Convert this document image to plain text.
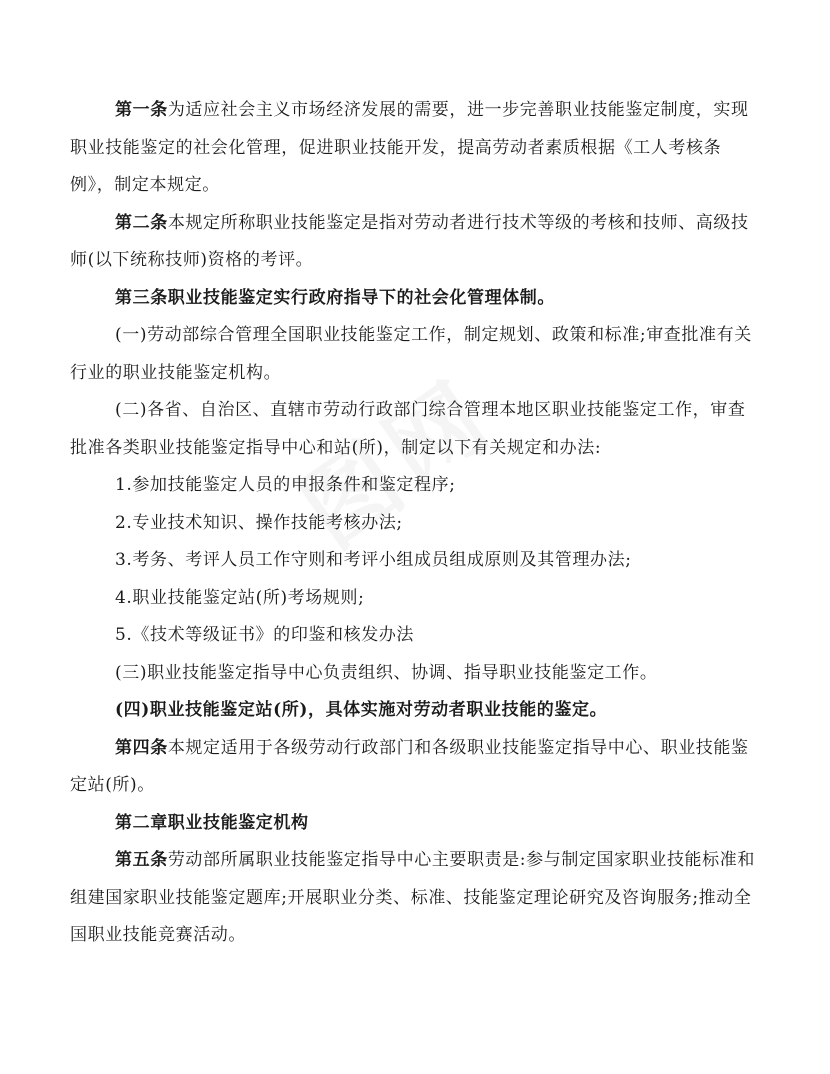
第一条为适应社会主义市场经济发展的需要，进一步完善职业技能鉴定制度，实现职业技能鉴定的社会化管理，促进职业技能开发，提高劳动者素质根据《工人考核条例》，制定本规定。

第二条本规定所称职业技能鉴定是指对劳动者进行技术等级的考核和技师、高级技师(以下统称技师)资格的考评。

第三条职业技能鉴定实行政府指导下的社会化管理体制。

(一)劳动部综合管理全国职业技能鉴定工作，制定规划、政策和标准;审查批准有关行业的职业技能鉴定机构。

(二)各省、自治区、直辖市劳动行政部门综合管理本地区职业技能鉴定工作，审查批准各类职业技能鉴定指导中心和站(所)，制定以下有关规定和办法:

1.参加技能鉴定人员的申报条件和鉴定程序;

2.专业技术知识、操作技能考核办法;

3.考务、考评人员工作守则和考评小组成员组成原则及其管理办法;

4.职业技能鉴定站(所)考场规则;

5.《技术等级证书》的印鉴和核发办法

(三)职业技能鉴定指导中心负责组织、协调、指导职业技能鉴定工作。

(四)职业技能鉴定站(所)，具体实施对劳动者职业技能的鉴定。

第四条本规定适用于各级劳动行政部门和各级职业技能鉴定指导中心、职业技能鉴定站(所)。

第二章职业技能鉴定机构

第五条劳动部所属职业技能鉴定指导中心主要职责是:参与制定国家职业技能标准和组建国家职业技能鉴定题库;开展职业分类、标准、技能鉴定理论研究及咨询服务;推动全国职业技能竞赛活动。
